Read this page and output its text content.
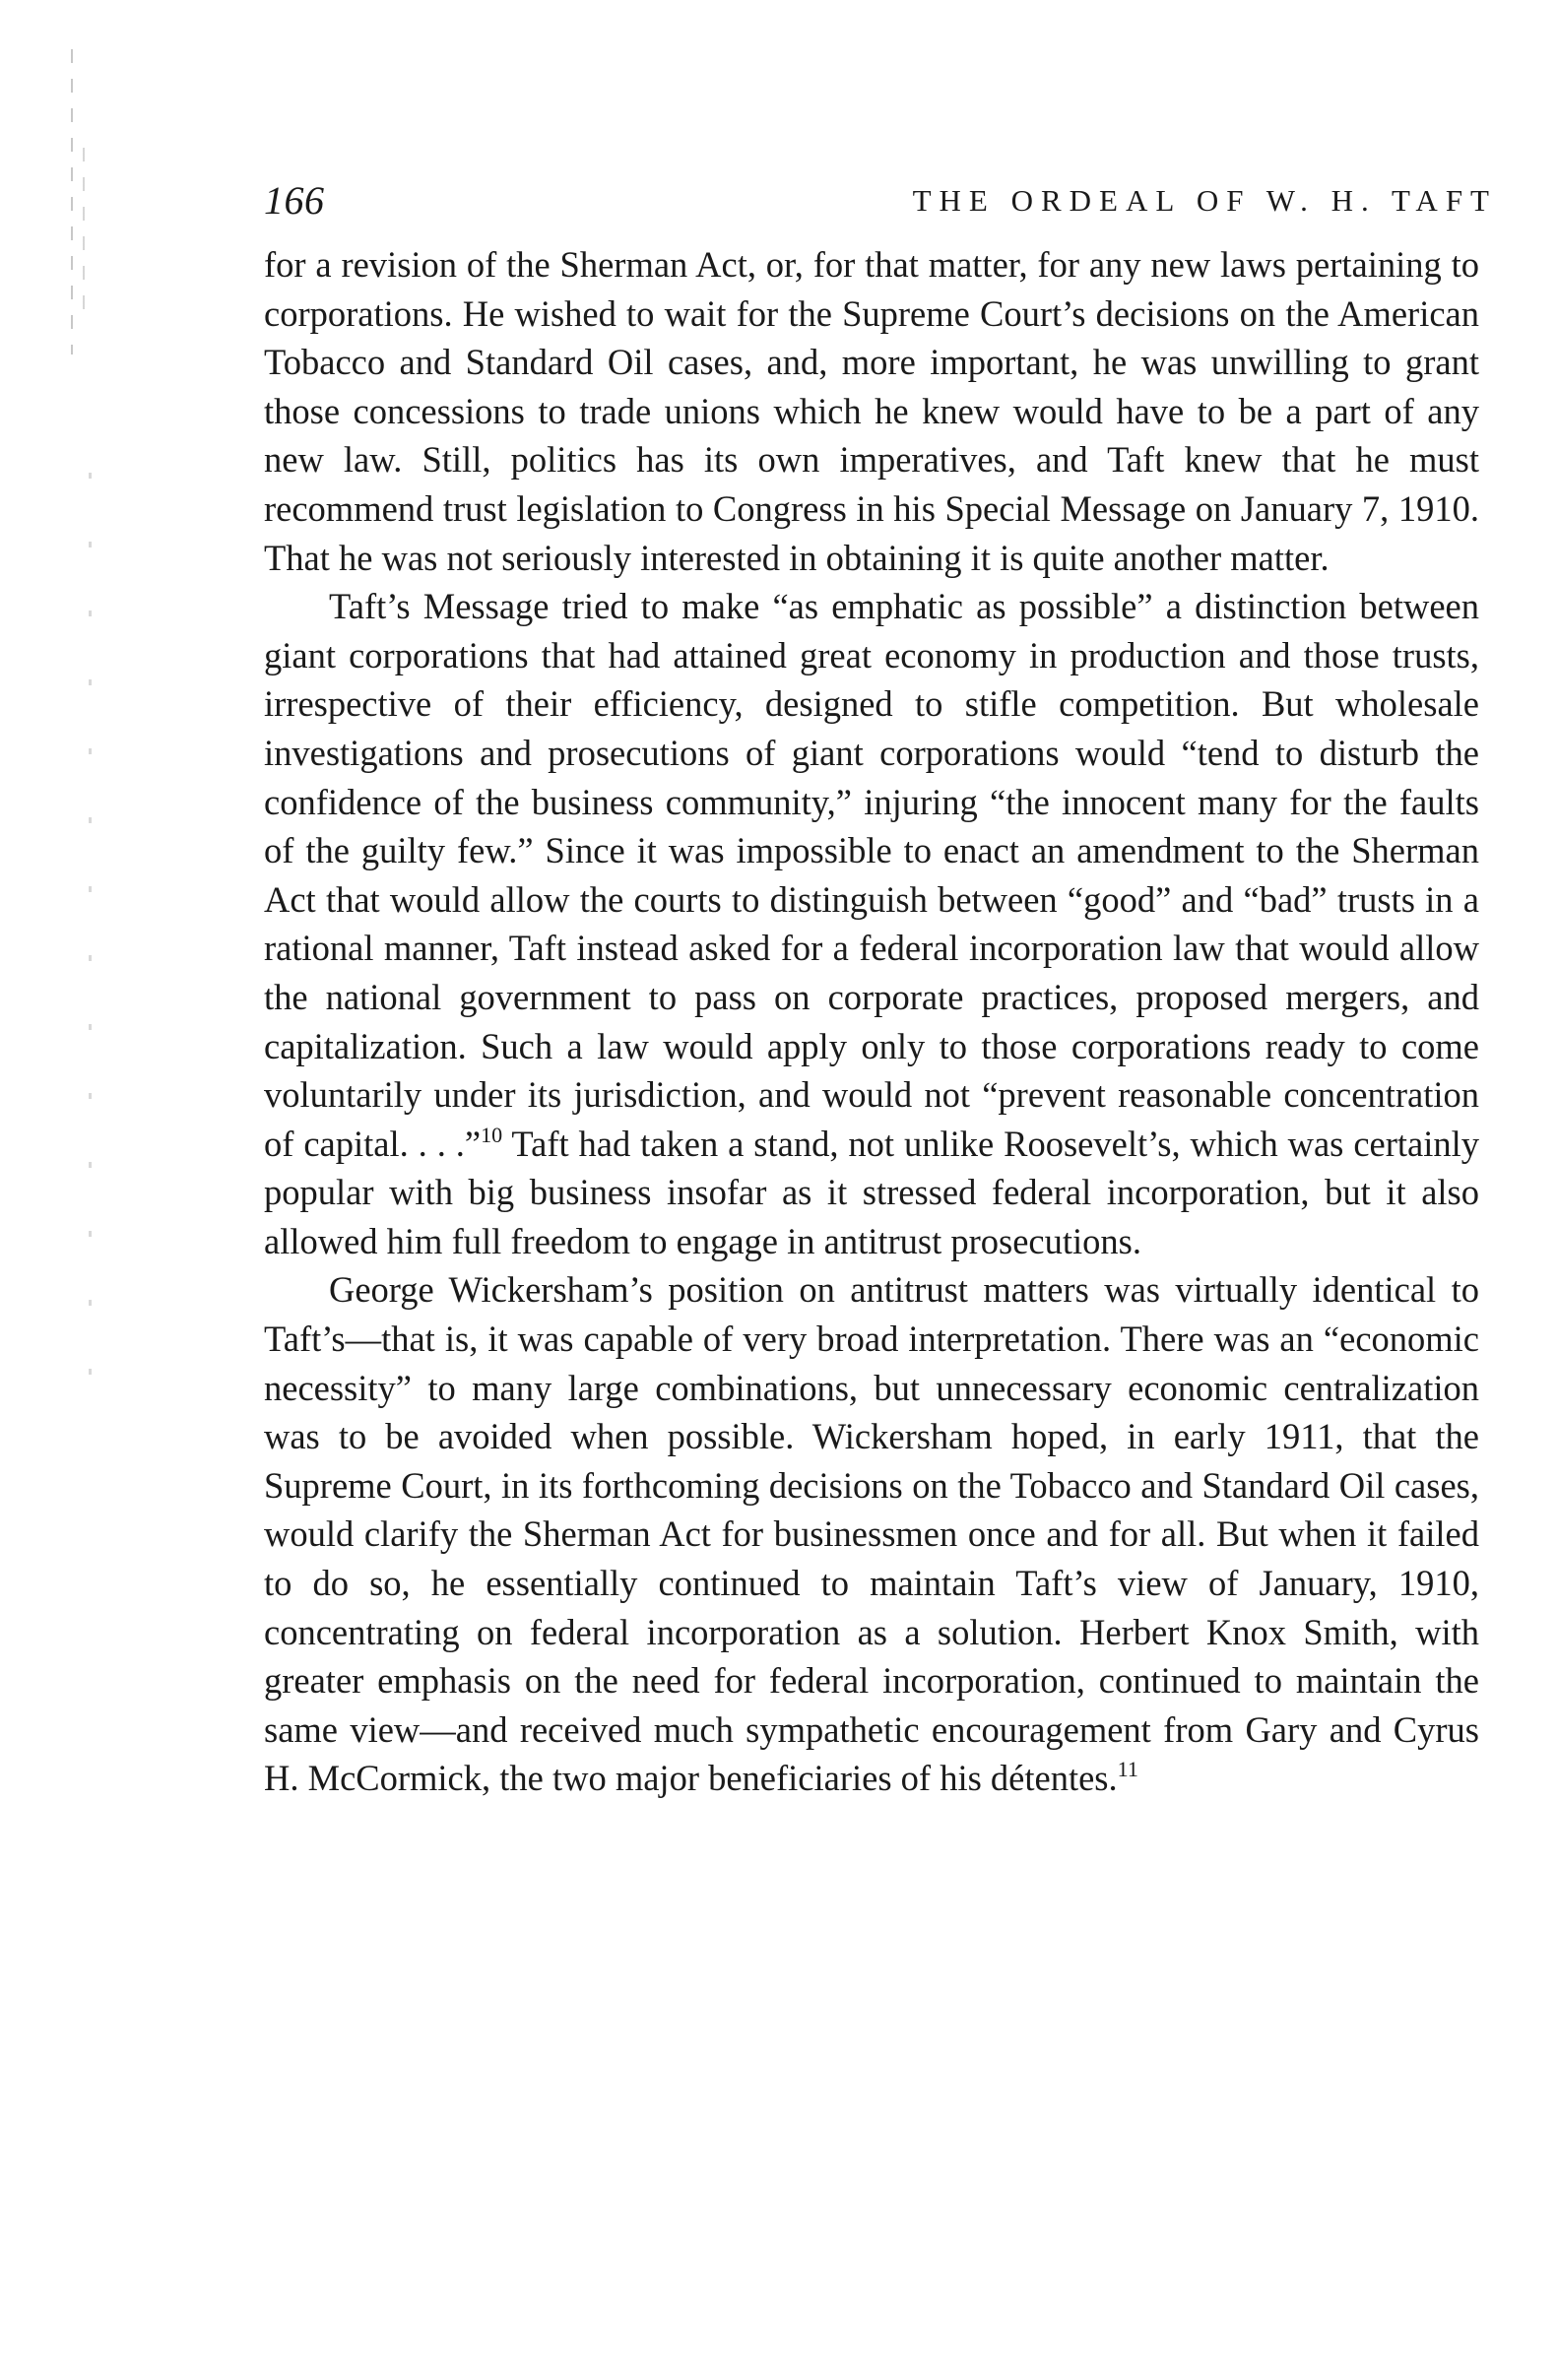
166	THE ORDEAL OF W. H. TAFT

for a revision of the Sherman Act, or, for that matter, for any new laws pertaining to corporations. He wished to wait for the Supreme Court’s decisions on the American Tobacco and Standard Oil cases, and, more important, he was unwilling to grant those concessions to trade unions which he knew would have to be a part of any new law. Still, politics has its own imperatives, and Taft knew that he must recommend trust legislation to Congress in his Special Message on January 7, 1910. That he was not seriously interested in obtaining it is quite another matter.

Taft’s Message tried to make “as emphatic as possible” a distinction between giant corporations that had attained great economy in production and those trusts, irrespective of their efficiency, designed to stifle competition. But wholesale investigations and prosecutions of giant corporations would “tend to disturb the confidence of the business community,” injuring “the innocent many for the faults of the guilty few.” Since it was impossible to enact an amendment to the Sherman Act that would allow the courts to distinguish between “good” and “bad” trusts in a rational manner, Taft instead asked for a federal incorporation law that would allow the national government to pass on corporate practices, proposed mergers, and capitalization. Such a law would apply only to those corporations ready to come voluntarily under its jurisdiction, and would not “prevent reasonable concentration of capital. . . .”$^{10}$ Taft had taken a stand, not unlike Roosevelt’s, which was certainly popular with big business insofar as it stressed federal incorporation, but it also allowed him full freedom to engage in antitrust prosecutions.

George Wickersham’s position on antitrust matters was virtually identical to Taft’s—that is, it was capable of very broad interpretation. There was an “economic necessity” to many large combinations, but unnecessary economic centralization was to be avoided when possible. Wickersham hoped, in early 1911, that the Supreme Court, in its forthcoming decisions on the Tobacco and Standard Oil cases, would clarify the Sherman Act for businessmen once and for all. But when it failed to do so, he essentially continued to maintain Taft’s view of January, 1910, concentrating on federal incorporation as a solution. Herbert Knox Smith, with greater emphasis on the need for federal incorporation, continued to maintain the same view—and received much sympathetic encouragement from Gary and Cyrus H. McCormick, the two major beneficiaries of his détentes.$^{11}$
